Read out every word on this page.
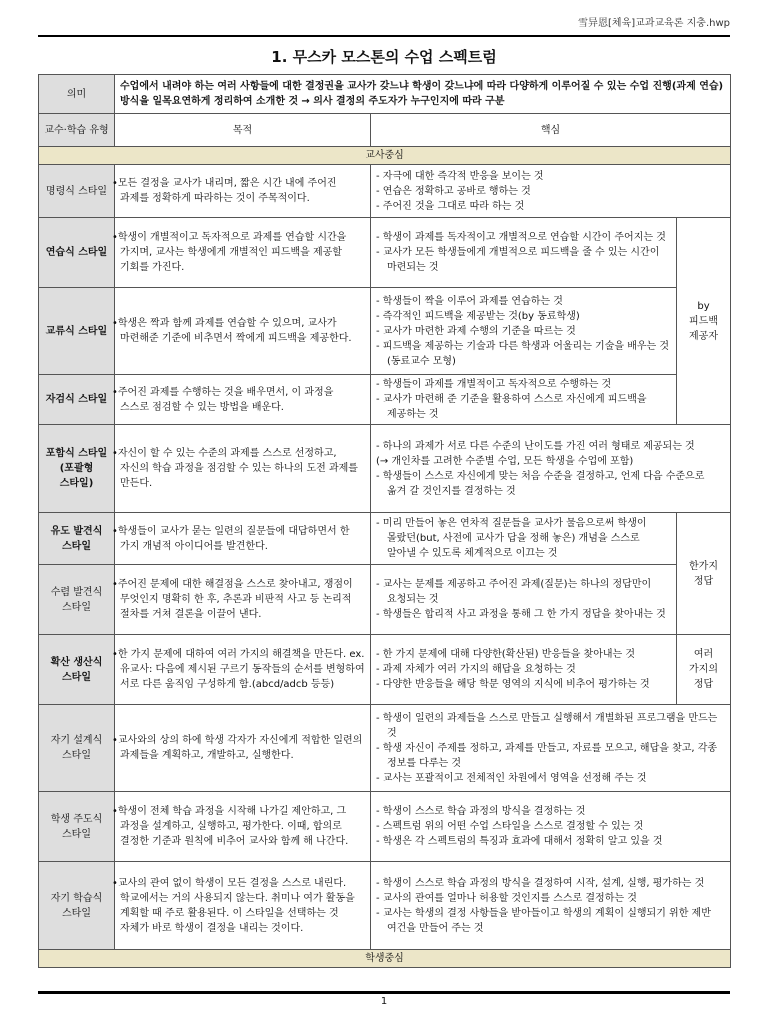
雪异恩[체육]교과교육론 지충.hwp
1. 무스카 모스톤의 수업 스펙트럼
의미	수업에서 내려야 하는 여러 사항들에 대한 결정권을 교사가 갖느냐 학생이 갖느냐에 따라 다양하게 이루어질 수 있는 수업 진행(과제 연습) 방식을 일목요연하게 정리하여 소개한 것 → 의사 결정의 주도자가 누구인지에 따라 구분		
교수·학습 유형	목적	핵심	
교사중심			
명령식 스타일	•모든 결정을 교사가 내리며, 짧은 시간 내에 주어진 과제를 정확하게 따라하는 것이 주목적이다.	- 자극에 대한 즉각적 반응을 보이는 것
- 연습은 정확하고 공바로 행하는 것
- 주어진 것을 그대로 따라 하는 것	

연습식 스타일	•학생이 개별적이고 독자적으로 과제를 연습할 시간을 가지며, 교사는 학생에게 개별적인 피드백을 제공할 기회를 가진다.	- 학생이 과제를 독자적이고 개별적으로 연습할 시간이 주어지는 것
- 교사가 모든 학생들에게 개별적으로 피드백을 줄 수 있는 시간이 마련되는 것	by 피드백 제공자
교류식 스타일	•학생은 짝과 함께 과제를 연습할 수 있으며, 교사가 마련해준 기준에 비추면서 짝에게 피드백을 제공한다.	- 학생들이 짝을 이루어 과제를 연습하는 것
- 즉각적인 피드백을 제공받는 것(by 동료학생)
- 교사가 마련한 과제 수행의 기준을 따르는 것
- 피드백을 제공하는 기술과 다른 학생과 어울리는 기술을 배우는 것 (동료교수 모형)	

자검식 스타일	•주어진 과제를 수행하는 것을 배우면서, 이 과정을 스스로 점검할 수 있는 방법을 배운다.	- 학생들이 과제를 개별적이고 독자적으로 수행하는 것
- 교사가 마련해 준 기준을 활용하여 스스로 자신에게 피드백을 제공하는 것	

포함식 스타일 (포괄형 스타일)	•자신이 할 수 있는 수준의 과제를 스스로 선정하고, 자신의 학습 과정을 점검할 수 있는 하나의 도전 과제를 만든다.	- 하나의 과제가 서로 다른 수준의 난이도를 가진 여러 형태로 제공되는 것
(→ 개인차를 고려한 수준별 수업, 모든 학생을 수업에 포함)
- 학생들이 스스로 자신에게 맞는 처음 수준을 결정하고, 언제 다음 수준으로 옮겨 갈 것인지를 결정하는 것	

유도 발견식 스타일	•학생들이 교사가 묻는 일련의 질문들에 대답하면서 한 가지 개념적 아이디어를 발견한다.	- 미리 만들어 놓은 연차적 질문들을 교사가 물음으로써 학생이 몰랐던(but, 사전에 교사가 답을 정해 놓은) 개념을 스스로 알아낼 수 있도록 체계적으로 이끄는 것	한가지 정답
수렴 발견식 스타일	•주어진 문제에 대한 해결점을 스스로 찾아내고, 쟁점이 무엇인지 명확히 한 후, 추론과 비판적 사고 등 논리적 절차를 거쳐 결론을 이끌어 낸다.	- 교사는 문제를 제공하고 주어진 과제(질문)는 하나의 정답만이 요청되는 것
- 학생들은 합리적 사고 과정을 통해 그 한 가지 정답을 찾아내는 것	

확산 생산식 스타일	•한 가지 문제에 대하여 여러 가지의 해결책을 만든다. ex. 유교사: 다음에 제시된 구르기 동작들의 순서를 변형하여 서로 다른 움직임 구성하게 함.(abcd/adcb 등등)	- 한 가지 문제에 대해 다양한(확산된) 반응들을 찾아내는 것
- 과제 자체가 여러 가지의 해답을 요청하는 것
- 다양한 반응들을 해당 학문 영역의 지식에 비추어 평가하는 것	여러 가지의 정답
자기 설계식 스타일	•교사와의 상의 하에 학생 각자가 자신에게 적합한 일련의 과제들을 계획하고, 개발하고, 실행한다.	- 학생이 일련의 과제들을 스스로 만들고 실행해서 개별화된 프로그램을 만드는 것
- 학생 자신이 주제를 정하고, 과제를 만들고, 자료를 모으고, 해답을 찾고, 각종 정보를 다루는 것
- 교사는 포괄적이고 전체적인 차원에서 영역을 선정해 주는 것	

학생 주도식 스타일	•학생이 전체 학습 과정을 시작해 나가길 제안하고, 그 과정을 설계하고, 실행하고, 평가한다. 이때, 합의로 결정한 기준과 원칙에 비추어 교사와 함께 해 나간다.	- 학생이 스스로 학습 과정의 방식을 결정하는 것
- 스펙트럼 위의 어떤 수업 스타일을 스스로 결정할 수 있는 것
- 학생은 각 스펙트럼의 특징과 효과에 대해서 정확히 알고 있을 것	

자기 학습식 스타일	•교사의 관여 없이 학생이 모든 결정을 스스로 내린다. 학교에서는 거의 사용되지 않는다. 취미나 여가 활동을 계획할 때 주로 활용된다. 이 스타일을 선택하는 것 자체가 바로 학생이 결정을 내리는 것이다.	- 학생이 스스로 학습 과정의 방식을 결정하여 시작, 설계, 실행, 평가하는 것
- 교사의 관여를 얼마나 허용할 것인지를 스스로 결정하는 것
- 교사는 학생의 결정 사항들을 받아들이고 학생의 계획이 실행되기 위한 제반 여건을 만들어 주는 것	

학생중심			
1
